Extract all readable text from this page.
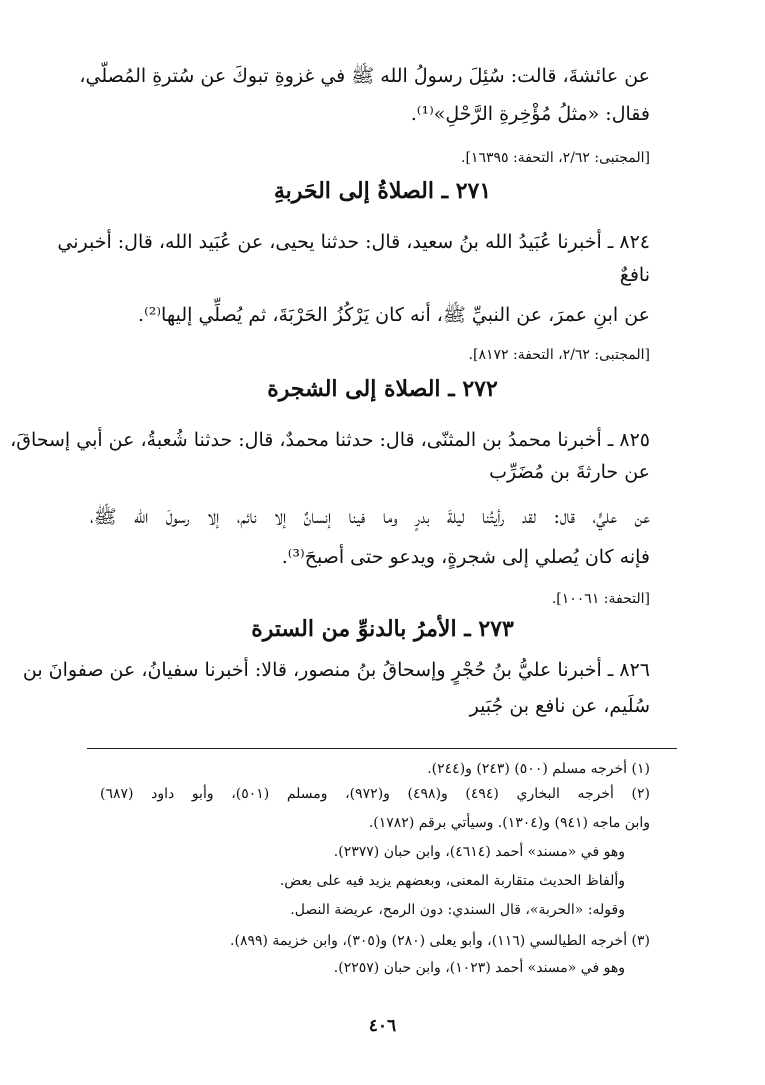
عن عائشةَ، قالت: سُئِلَ رسولُ الله ﷺ في غزوةِ تبوكَ عن سُترةِ المُصلّي،
فقال: «مثلُ مُؤْخِرةِ الرَّحْلِ»⁽¹⁾.
[المجتبى: ٢/٦٢، التحفة: ١٦٣٩٥].
٢٧١ ـ الصلاةُ إلى الحَربةِ
٨٢٤ ـ أخبرنا عُبَيدُ الله بنُ سعيد، قال: حدثنا يحيى، عن عُبَيد الله، قال: أخبرني
نافعٌ
عن ابنِ عمرَ، عن النبيِّ ﷺ، أنه كان يَرْكُزُ الحَرْبَةَ، ثم يُصلِّي إليها⁽²⁾.
[المجتبى: ٢/٦٢، التحفة: ٨١٧٢].
٢٧٢ ـ الصلاة إلى الشجرة
٨٢٥ ـ أخبرنا محمدُ بن المثنّى، قال: حدثنا محمدٌ، قال: حدثنا شُعبةُ، عن أبي إسحاقَ،
عن حارثةَ بن مُضَرِّب
عن عليٍّ، قال: لقد رأيتُنا ليلةَ بدرٍ وما فينا إنسانٌ إلا نائم، إلا رسولَ الله ﷺ،
فإنه كان يُصلي إلى شجرةٍ، ويدعو حتى أصبحَ⁽³⁾.
[التحفة: ١٠٠٦١].
٢٧٣ ـ الأمرُ بالدنوِّ من السترة
٨٢٦ ـ أخبرنا عليُّ بنُ حُجْرٍ وإسحاقُ بنُ منصور، قالا: أخبرنا سفيانُ، عن صفوانَ بن
سُلَيم، عن نافع بن جُبَير
(١) أخرجه مسلم (٥٠٠) (٢٤٣) و(٢٤٤).
(٢) أخرجه البخاري (٤٩٤) و(٤٩٨) و(٩٧٢)، ومسلم (٥٠١)، وأبو داود (٦٨٧)
وابن ماجه (٩٤١) و(١٣٠٤). وسيأتي برقم (١٧٨٢).
وهو في «مسند» أحمد (٤٦١٤)، وابن حبان (٢٣٧٧).
وألفاظ الحديث متقاربة المعنى، وبعضهم يزيد فيه على بعض.
وقوله: «الحربة»، قال السندي: دون الرمح، عريضة النصل.
(٣) أخرجه الطيالسي (١١٦)، وأبو يعلى (٢٨٠) و(٣٠٥)، وابن خزيمة (٨٩٩).
وهو في «مسند» أحمد (١٠٢٣)، وابن حبان (٢٢٥٧).
٤٠٦
